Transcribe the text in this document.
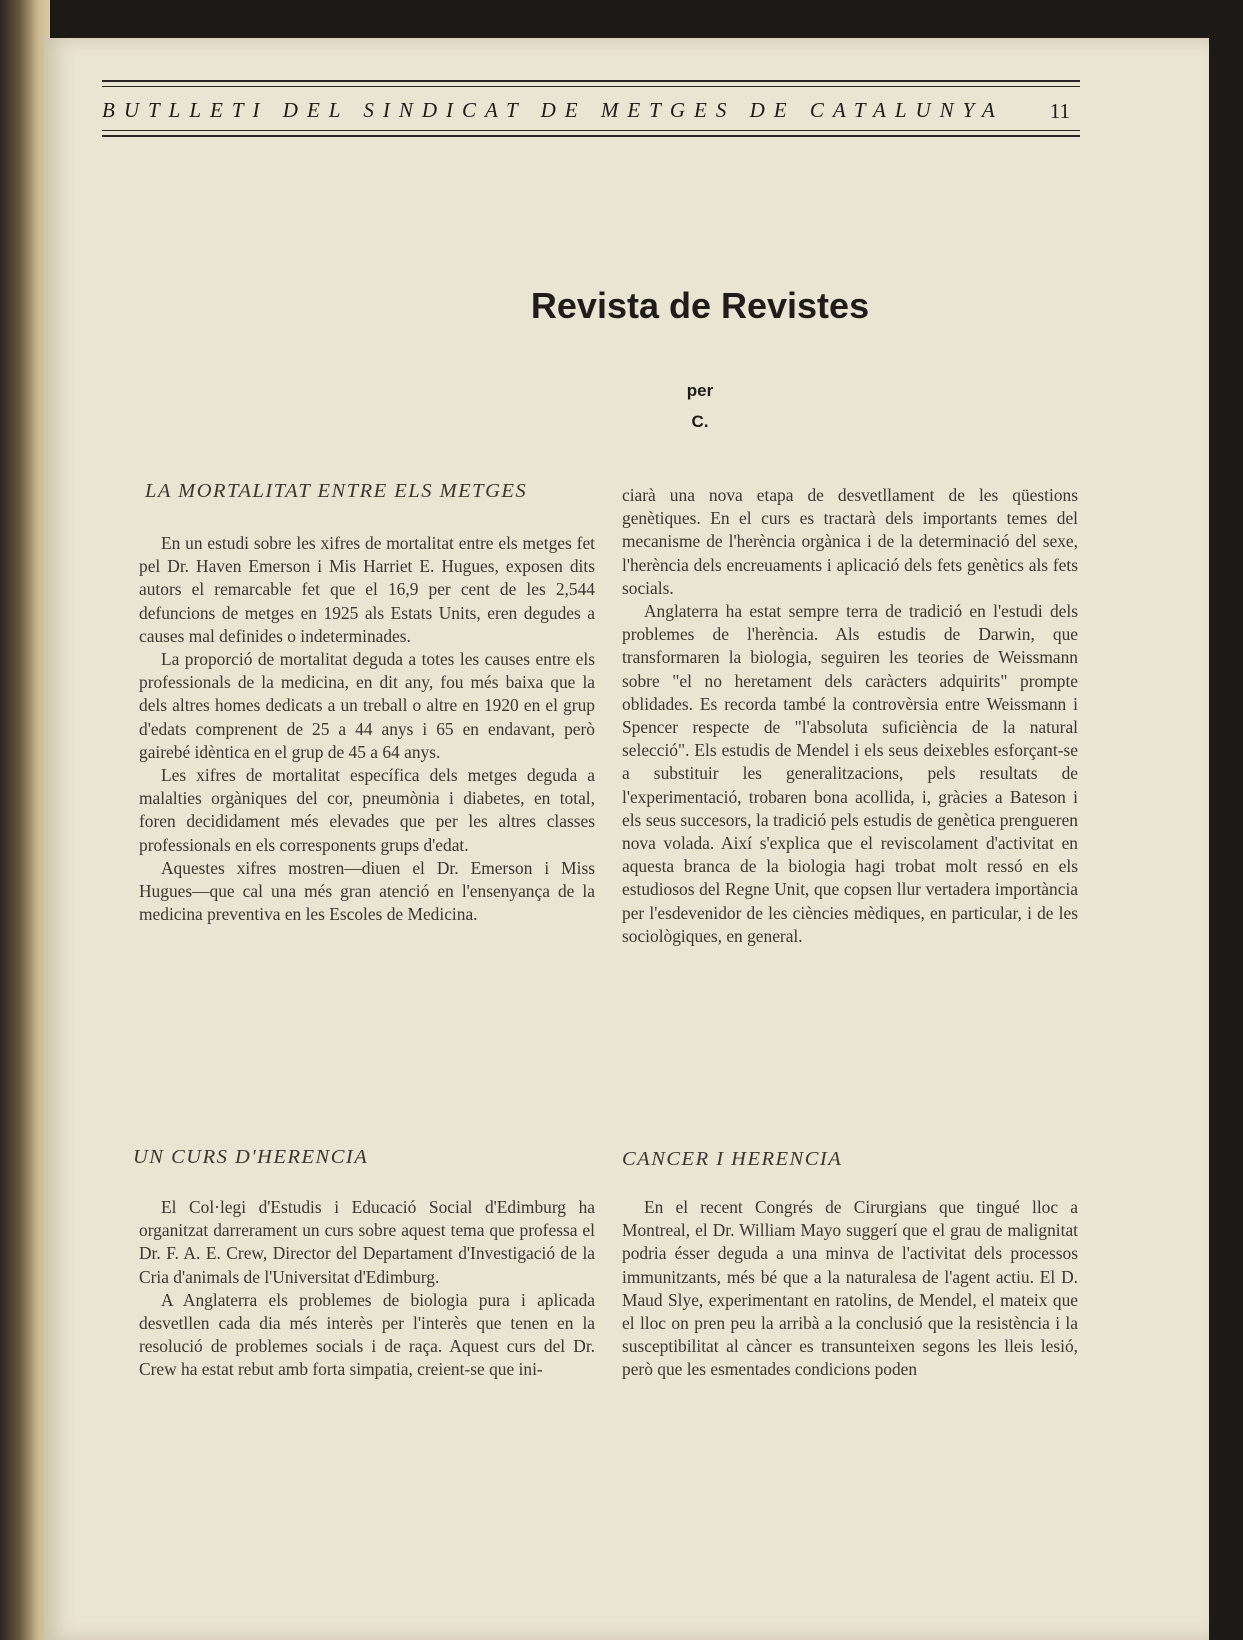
BUTLLETI DEL SINDICAT DE METGES DE CATALUNYA	11
Revista de Revistes
per
C.
LA MORTALITAT ENTRE ELS METGES

En un estudi sobre les xifres de mortalitat entre els metges fet pel Dr. Haven Emerson i Mis Harriet E. Hugues, exposen dits autors el remarcable fet que el 16,9 per cent de les 2,544 defuncions de metges en 1925 als Estats Units, eren degudes a causes mal definides o indeterminades.

La proporció de mortalitat deguda a totes les causes entre els professionals de la medicina, en dit any, fou més baixa que la dels altres homes dedicats a un treball o altre en 1920 en el grup d'edats comprenent de 25 a 44 anys i 65 en endavant, però gairebé idèntica en el grup de 45 a 64 anys.

Les xifres de mortalitat específica dels metges deguda a malalties orgàniques del cor, pneumònia i diabetes, en total, foren decididament més elevades que per les altres classes professionals en els corresponents grups d'edat.

Aquestes xifres mostren—diuen el Dr. Emerson i Miss Hugues—que cal una més gran atenció en l'ensenyança de la medicina preventiva en les Escoles de Medicina.

UN CURS D'HERENCIA

El Col·legi d'Estudis i Educació Social d'Edimburg ha organitzat darrerament un curs sobre aquest tema que professa el Dr. F. A. E. Crew, Director del Departament d'Investigació de la Cria d'animals de l'Universitat d'Edimburg.

A Anglaterra els problemes de biologia pura i aplicada desvetllen cada dia més interès per l'interès que tenen en la resolució de problemes socials i de raça. Aquest curs del Dr. Crew ha estat rebut amb forta simpatia, creient-se que ini-

ciarà una nova etapa de desvetllament de les qüestions genètiques. En el curs es tractarà dels importants temes del mecanisme de l'herència orgànica i de la determinació del sexe, l'herència dels encreuaments i aplicació dels fets genètics als fets socials.

Anglaterra ha estat sempre terra de tradició en l'estudi dels problemes de l'herència. Als estudis de Darwin, que transformaren la biologia, seguiren les teories de Weissmann sobre "el no heretament dels caràcters adquirits" prompte oblidades. Es recorda també la controvèrsia entre Weissmann i Spencer respecte de "l'absoluta suficiència de la natural selecció". Els estudis de Mendel i els seus deixebles esforçant-se a substituir les generalitzacions, pels resultats de l'experimentació, trobaren bona acollida, i, gràcies a Bateson i els seus succesors, la tradició pels estudis de genètica prengueren nova volada. Així s'explica que el reviscolament d'activitat en aquesta branca de la biologia hagi trobat molt ressó en els estudiosos del Regne Unit, que copsen llur vertadera importància per l'esdevenidor de les ciències mèdiques, en particular, i de les sociològiques, en general.

CANCER I HERENCIA

En el recent Congrés de Cirurgians que tingué lloc a Montreal, el Dr. William Mayo suggerí que el grau de malignitat podria ésser deguda a una minva de l'activitat dels processos immunitzants, més bé que a la naturalesa de l'agent actiu. El D. Maud Slye, experimentant en ratolins, de Mendel, el mateix que el lloc on pren peu la arribà a la conclusió que la resistència i la susceptibilitat al càncer es transunteixen segons les lleis lesió, però que les esmentades condicions poden
